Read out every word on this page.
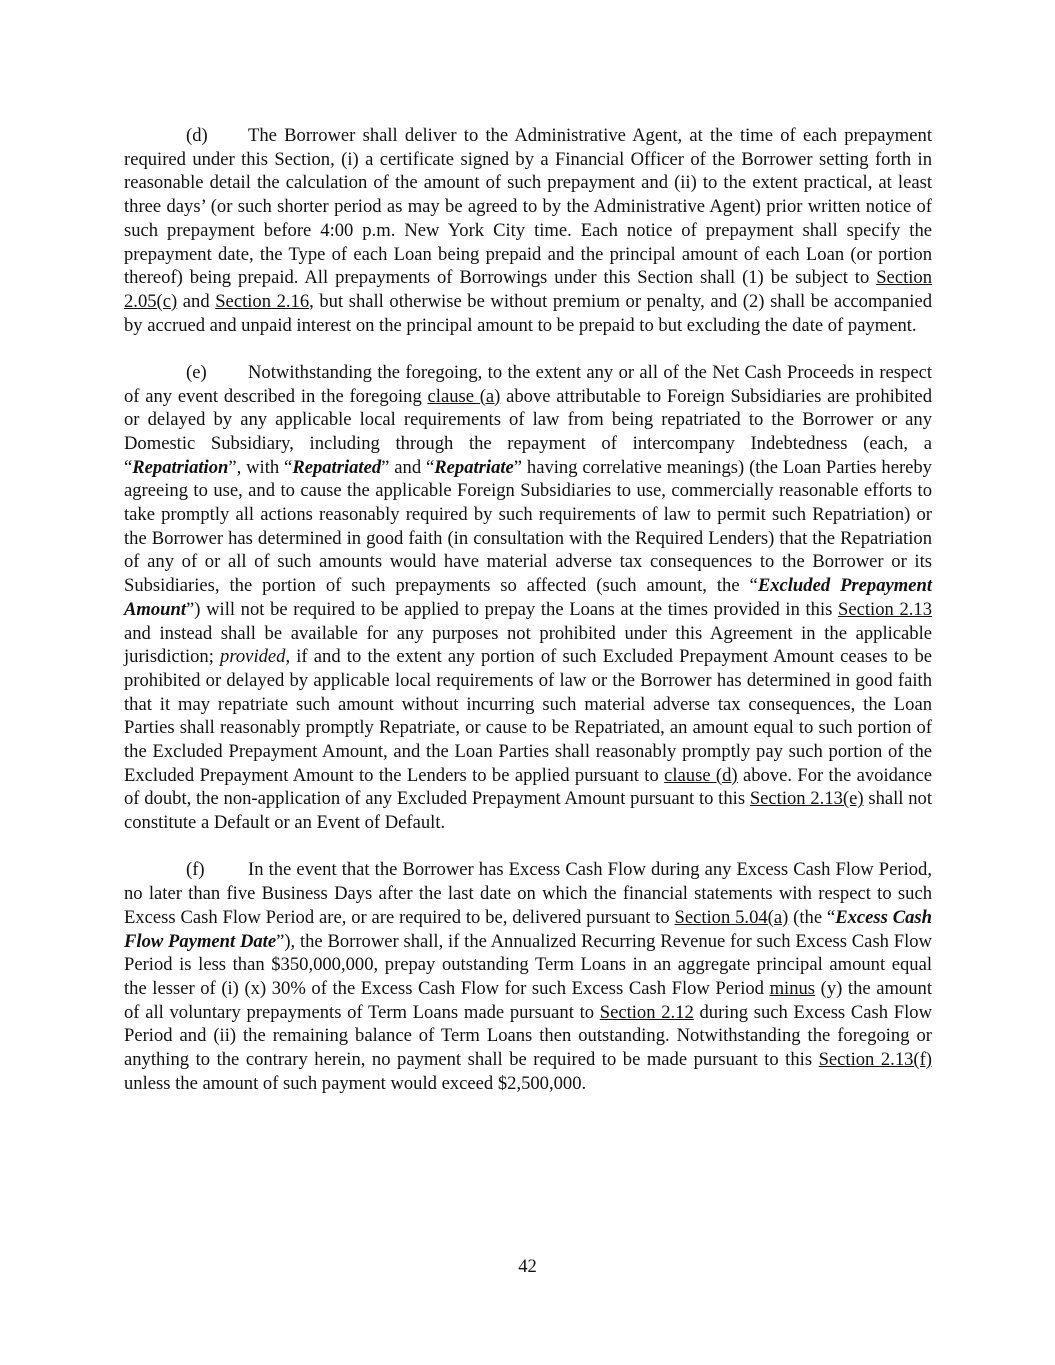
(d) The Borrower shall deliver to the Administrative Agent, at the time of each prepayment required under this Section, (i) a certificate signed by a Financial Officer of the Borrower setting forth in reasonable detail the calculation of the amount of such prepayment and (ii) to the extent practical, at least three days’ (or such shorter period as may be agreed to by the Administrative Agent) prior written notice of such prepayment before 4:00 p.m. New York City time. Each notice of prepayment shall specify the prepayment date, the Type of each Loan being prepaid and the principal amount of each Loan (or portion thereof) being prepaid. All prepayments of Borrowings under this Section shall (1) be subject to Section 2.05(c) and Section 2.16, but shall otherwise be without premium or penalty, and (2) shall be accompanied by accrued and unpaid interest on the principal amount to be prepaid to but excluding the date of payment.

(e) Notwithstanding the foregoing, to the extent any or all of the Net Cash Proceeds in respect of any event described in the foregoing clause (a) above attributable to Foreign Subsidiaries are prohibited or delayed by any applicable local requirements of law from being repatriated to the Borrower or any Domestic Subsidiary, including through the repayment of intercompany Indebtedness (each, a “Repatriation”, with “Repatriated” and “Repatriate” having correlative meanings) (the Loan Parties hereby agreeing to use, and to cause the applicable Foreign Subsidiaries to use, commercially reasonable efforts to take promptly all actions reasonably required by such requirements of law to permit such Repatriation) or the Borrower has determined in good faith (in consultation with the Required Lenders) that the Repatriation of any of or all of such amounts would have material adverse tax consequences to the Borrower or its Subsidiaries, the portion of such prepayments so affected (such amount, the “Excluded Prepayment Amount”) will not be required to be applied to prepay the Loans at the times provided in this Section 2.13 and instead shall be available for any purposes not prohibited under this Agreement in the applicable jurisdiction; provided, if and to the extent any portion of such Excluded Prepayment Amount ceases to be prohibited or delayed by applicable local requirements of law or the Borrower has determined in good faith that it may repatriate such amount without incurring such material adverse tax consequences, the Loan Parties shall reasonably promptly Repatriate, or cause to be Repatriated, an amount equal to such portion of the Excluded Prepayment Amount, and the Loan Parties shall reasonably promptly pay such portion of the Excluded Prepayment Amount to the Lenders to be applied pursuant to clause (d) above. For the avoidance of doubt, the non-application of any Excluded Prepayment Amount pursuant to this Section 2.13(e) shall not constitute a Default or an Event of Default.

(f) In the event that the Borrower has Excess Cash Flow during any Excess Cash Flow Period, no later than five Business Days after the last date on which the financial statements with respect to such Excess Cash Flow Period are, or are required to be, delivered pursuant to Section 5.04(a) (the “Excess Cash Flow Payment Date”), the Borrower shall, if the Annualized Recurring Revenue for such Excess Cash Flow Period is less than $350,000,000, prepay outstanding Term Loans in an aggregate principal amount equal the lesser of (i) (x) 30% of the Excess Cash Flow for such Excess Cash Flow Period minus (y) the amount of all voluntary prepayments of Term Loans made pursuant to Section 2.12 during such Excess Cash Flow Period and (ii) the remaining balance of Term Loans then outstanding. Notwithstanding the foregoing or anything to the contrary herein, no payment shall be required to be made pursuant to this Section 2.13(f) unless the amount of such payment would exceed $2,500,000.

42
